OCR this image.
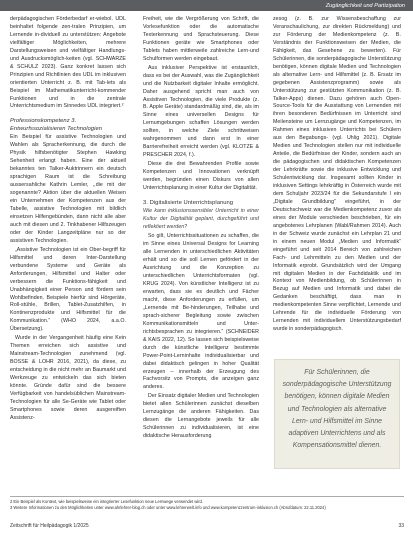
Zugänglichkeit und Partizipation

derpädagogischen Förderbedarf er-wiebol. UDL beinhaltet folgende zen-tralen Prinzipien, um Lernende in-dividuell zu unterstützen: Angebote vielfältiger Möglichkeiten, mehrere Darstellungsweisen und vielfältiger Handlungs- und Ausdrucksmöglich-keiten (vgl. SCHWARZE & SCHULZ 2023). Ganz konkret lassen sich Prinzipien und Richtlinien des UDL im inklusiven orientierten Unterricht z. B. mit Tab-lets als Beispiel im Mathematikunterricht-kommender Funktionen und in die zentrale Unterrichtsmedium im Sinnedes UDL integriert.²

Professionskompetenz 3.
Entwurfssozialisieren Technologien

Ein Beispiel für assistive Technologien und Wahlen als Spracherkennung, die durch die Physik hilfsbenötigter Stephen Hawking Sehenheit erlangt haben. Eine der aktuell bekanntes ten Talker-Auktrinnern ein deutsch sprachigen Raum ist die Schreibung aussersahliche Kathrin Lemler, ,,die mit der sogenannte? Aktion über die aktuellen Weisen ein Unternehmen der Kompetenzen aus der Tabelle, assistive Technologien mit bildlich einsetzen Hilfengebünden, dann nicht alle aber auch mit diesen und 2. Tinkhabener Hilfszeugen oder der Kinder Langzeitpläne nur so der assistiven Technologien.

„Assistive Technologien ist ein Ober-begriff für Hilfsmittel und deren Inter-Darstellung verbundene Systeme und Geräte als Anforderungen, Hilfsmittel und Halter oder verbessern die Funktions-fähigkeit und Unabhängigkeit einer Person und fördern sein Wohlbefinden. Beispiele hierfür sind Hörgeräte, Roll-stühle, Brillen, Tablet-Zusatzhilfen, in Kontinenzprodukte und Hilfsmittel für die Kommunikation.“ (WHO 2024, a.a.O. Übersetzung).

Wurde in der Vergangenheit häufig eine Kein Themen erreichen sich assistive und Mainstream-Technologien zunehmend (vgl. BOSSE & LOHR 2016, 2021), da diese, zu entscheidung in die nicht mehr an Baumarkt und Werkzeuge zu entwickeln das sich bieten könnte. Gründe dafür sind die bessere Verfügbarkeit von handelsüblichen Mainstream-Technologien für alle Se-Geräte wie Tablet oder Smartphones sowie deren ausgereiften Assistenz-

Freiheit, wie die Vergrößerung von Schrift, die Vorlesefunktion oder die automatische Texterkennung und Sprachsteuerung. Diese Funktionen geräte wie Smartphones oder Tablets haben mittlerweile zahlreiche Lern-und Schulformen werden eingebaut.

Aus inklusiver Perspektive ist erstaunlich, dass es bei der Auswahl, was die Zugänglichkeit und die Nutzbarkeit digitaler Inhalte ermöglicht. Daher ausgehend spricht man auch von Assistiven Technologien, die viele Produkte (z. B. Apple Geräte) standardmäßig sind, die, als im Sinne eines universellen Designs für Lernumgebungen schaffen Lösungen werden sollten, in welche Ziele schrittweisen wahrgenommen und dann erst in einer Barrierefreiheit erreicht werden (vgl. KLOTZE & PRESCHER 2024, f.).

Diese die drei Bewahrenden Profile sowie Kompetenzen und Innovationen verknüpft werden, begründen einen Diskurs von allen Unterrichtsplanung in einer Kultur der Digitalität.

3. Digitalisierte Unterrichtsplanung

Wie kann inklusionssensibler Unterricht in einer Kultur der Digitalität geplant, durchgeführt und reflektiert werden?

So gilt, Unterrichtssituationen zu schaffen, die im Sinne eines Universal Designs for Learning alle Lernenden in unterschiedlichen Aktivitäten erhält und so die soll Lernen gefördert in der Ausrichtung und die Konzeption zu unterschiedlichen Unterrichtsformaten (vgl. KRUG 2024). Von künstlicher Intelligenz ist zu erwarten, dass sie es deutlich und Fächer macht, diese Anforderungen zu erfüllen, um „Lernende mit Be-hinderungen, Teilhabe und sprach-sicherer Begleitung sowie zwischen Kommunikationsmitteln und Unter-richtsbesprachen zu integrieren.“ (SCHNEIDER & KAIS 2022, 12). So lassen sich beispielsweise durch die künstliche Intelligenz bestimmte Power-Point-Lerninhalte individualisierbar und dabei didaktisch gelingen in hoher Qualität erzeugen – innerhalb der Erzeugung des Fachvorsitz von Prompts, die anzeigen ganz anderes.

Der Einsatz digitaler Medien und Technologien bietet allen Schülerinnen zunächst dieselben Lernzugänge die anderen Fähigkeiten. Das diesen die Lernangebote jeweils für alle Schülerinnen zu individualisieren, ist eine didaktische Herausforderung

zesog (z. B. zur Wissensbeschaffung zur Veranschaulichung, zur direkten Rückmeldung) und zur Förderung der Medienkompetenz (z. B. Verständnis der Funktionsweisen der Medien, die Fähigkeit, das Gesehene zu bewerten). Für Schülerinnen, die sonderpädagogische Unterstützung benötigen, können digitale Medien und Technologien als alternative Lern- und Hilfsmittel (z. B. Ersatz im gegebenen Assistenzprogramm) sowie als Unterstützung zur gestützten Kommunikation (z. B. Talker-Apps) dienen. Dazu gehören auch Open-Source-Tools für die Ausstattung von Lernenden mit ihren besonderen Bedürfnissen im Unterricht sind Meilensteine um Lernzugänge und Kompetenzen, im Rahmen eines inklusiven Unterrichts bei Schülern aus den Begabungs- (vgl. Uhlig 2021). Digitale Medien und Technologien stellen nur mit individuelle Anteile, die Bedürfnisse der Kinder, sondern auch an die pädagogischen und didaktischen Kompetenzen der Lehrkräfte sowie die inklusive Entwicklung und Schulentwicklung dar. Insgesamt sollten Kinder in inklusiven Settings lehrkräftig in Österreich wurde mit dem Schuljahr 2023/24 für die Sekundarstufe I ein „Digitale Grundbildung“ eingeführt, in der Deutschschweiz war die Medienkompetenz zuvor als eines der Module verschieden beschrieben, für ein angebotenes Lehrplanen (Wabl/Rahmen 2014). Auch in der Schweiz wurde zunächst ein Lehrplan 21 und in einem neuen Modul „Medien und Informatik“ eingeführt und seit 2014 Bereich von zahlreichen Fach- und Lehrmitteln zu den Medien und der Informatik erprobt. Grundsätzlich wird der Umgang mit digitalen Medien in der Fachdidaktik und im Kontext von Medienbildung, ob Schülerinnen in Bezug auf Medien und Informatik und dabei die Gedanken beschäftigt, dass man in medienkompetenten Sinne verpflichtet, Lernende und Lehrende für die individuelle Förderung von Lernenden mit individuellem Unterstützungsbedarf wurde in sonderpädagogisch.

Für Schülerinnen, die sonderpädagogische Unterstützung benötigen, können digitale Medien und Technologien als alternative Lern- und Hilfsmittel im Sinne adaptiven Unterrichtens und als Kompensationsmittel dienen.
2 Ein Beispiel als Kontext, wie beispielsweise ein integrierter Lesefunktion neue Lernwege verwendet wird.
3 Weitere Informationen zu den Möglichkeiten unter www.ahrlehrer-blog.ch oder unter www.lehrerwelt.info und www.kompetenzzentrum-inklusion.ch (Abrufdatum: 22.11.2024)
Zeitschrift für Heilpädagogik 1/2025	33
